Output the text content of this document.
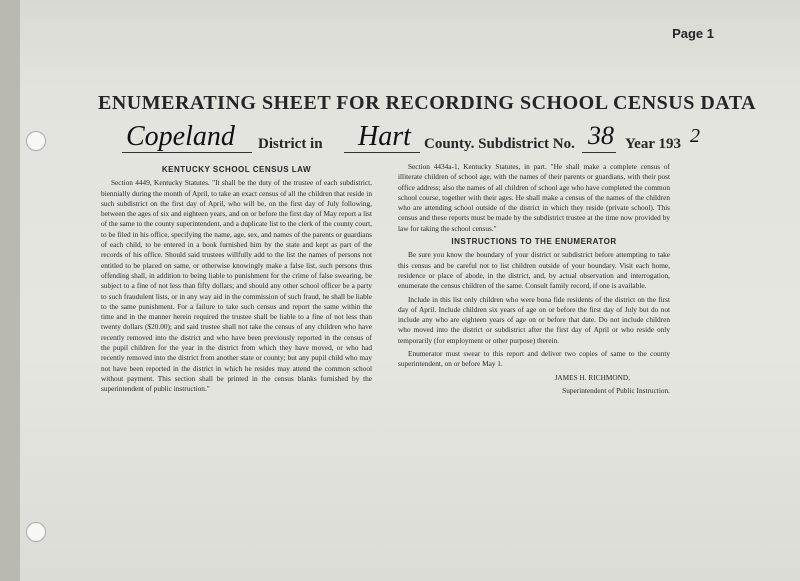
Page 1
ENUMERATING SHEET FOR RECORDING SCHOOL CENSUS DATA
Copeland District in Hart County. Subdistrict No. 38 Year 193 2

KENTUCKY SCHOOL CENSUS LAW

Section 4449, Kentucky Statutes. "It shall be the duty of the trustee of each subdistrict, biennially during the month of April, to take an exact census of all the children that reside in such subdistrict on the first day of April, who will be, on the first day of July following, between the ages of six and eighteen years, and on or before the first day of May report a list of the same to the county superintendent, and a duplicate list to the clerk of the county court, to be filed in his office, specifying the name, age, sex, and names of the parents or guardians of each child, to be entered in a book furnished him by the state and kept as part of the records of his office. Should said trustees willfully add to the list the names of persons not entitled to be placed on same, or otherwise knowingly make a false list, such persons thus offending shall, in addition to being liable to punishment for the crime of false swearing, be subject to a fine of not less than fifty dollars; and should any other school officer be a party to such fraudulent lists, or in any way aid in the commission of such fraud, he shall be liable to the same punishment. For a failure to take such census and report the same within the time and in the manner herein required the trustee shall be liable to a fine of not less than twenty dollars ($20.00); and said trustee shall not take the census of any children who have recently removed into the district and who have been previously reported in the census of the pupil children for the year in the district from which they have moved, or who had recently removed into the district from another state or county; but any pupil child who may not have been reported in the district in which he resides may attend the common school without payment. This section shall be printed in the census blanks furnished by the superintendent of public instruction."

Section 4434a-1, Kentucky Statutes, in part. "He shall make a complete census of illiterate children of school age, with the names of their parents or guardians, with their post office address; also the names of all children of school age who have completed the common school course, together with their ages. He shall make a census of the names of the children who are attending school outside of the district in which they reside (private school). This census and these reports must be made by the subdistrict trustee at the time now provided by law for taking the school census."

INSTRUCTIONS TO THE ENUMERATOR

Be sure you know the boundary of your district or subdistrict before attempting to take this census and be careful not to list children outside of your boundary. Visit each home, residence or place of abode, in the district, and, by actual observation and interrogation, enumerate the census children of the same. Consult family record, if one is available.

Include in this list only children who were bona fide residents of the district on the first day of April. Include children six years of age on or before the first day of July but do not include any who are eighteen years of age on or before that date. Do not include children who moved into the district or subdistrict after the first day of April or who reside only temporarily (for employment or other purpose) therein.

Enumerator must swear to this report and deliver two copies of same to the county superintendent, on or before May 1.

JAMES H. RICHMOND,

Superintendent of Public Instruction.
